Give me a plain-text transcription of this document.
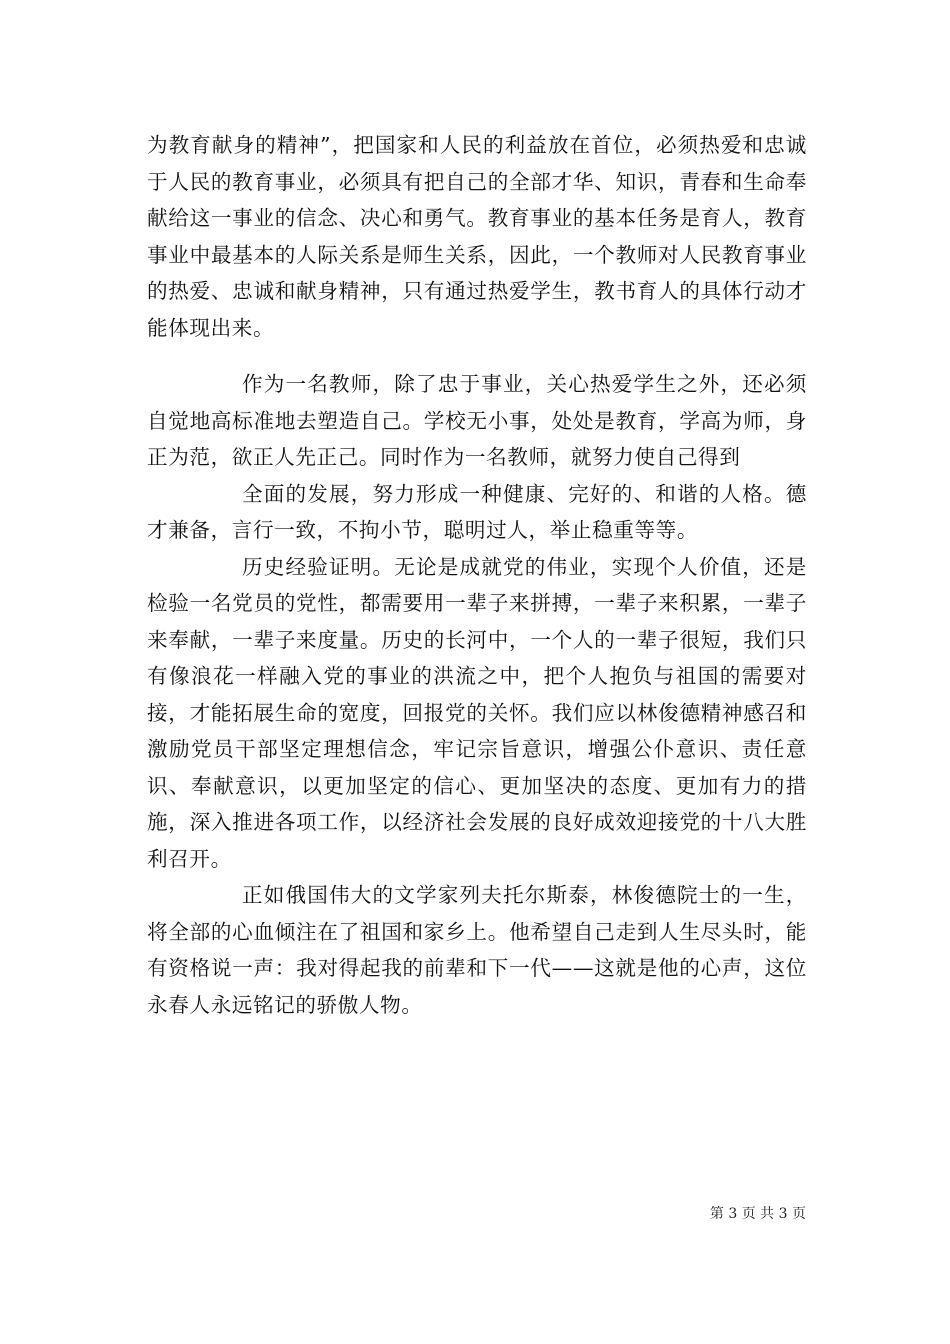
为教育献身的精神”，把国家和人民的利益放在首位，必须热爱和忠诚于人民的教育事业，必须具有把自己的全部才华、知识，青春和生命奉献给这一事业的信念、决心和勇气。教育事业的基本任务是育人，教育事业中最基本的人际关系是师生关系，因此，一个教师对人民教育事业的热爱、忠诚和献身精神，只有通过热爱学生，教书育人的具体行动才能体现出来。

作为一名教师，除了忠于事业，关心热爱学生之外，还必须自觉地高标准地去塑造自己。学校无小事，处处是教育，学高为师，身正为范，欲正人先正己。同时作为一名教师，就努力使自己得到

全面的发展，努力形成一种健康、完好的、和谐的人格。德才兼备，言行一致，不拘小节，聪明过人，举止稳重等等。

历史经验证明。无论是成就党的伟业，实现个人价值，还是检验一名党员的党性，都需要用一辈子来拼搏，一辈子来积累，一辈子来奉献，一辈子来度量。历史的长河中，一个人的一辈子很短，我们只有像浪花一样融入党的事业的洪流之中，把个人抱负与祖国的需要对接，才能拓展生命的宽度，回报党的关怀。我们应以林俊德精神感召和激励党员干部坚定理想信念，牢记宗旨意识，增强公仆意识、责任意识、奉献意识，以更加坚定的信心、更加坚决的态度、更加有力的措施，深入推进各项工作，以经济社会发展的良好成效迎接党的十八大胜利召开。

正如俄国伟大的文学家列夫托尔斯泰，林俊德院士的一生，将全部的心血倾注在了祖国和家乡上。他希望自己走到人生尽头时，能有资格说一声：我对得起我的前辈和下一代——这就是他的心声，这位永春人永远铭记的骄傲人物。

第 3 页 共 3 页
